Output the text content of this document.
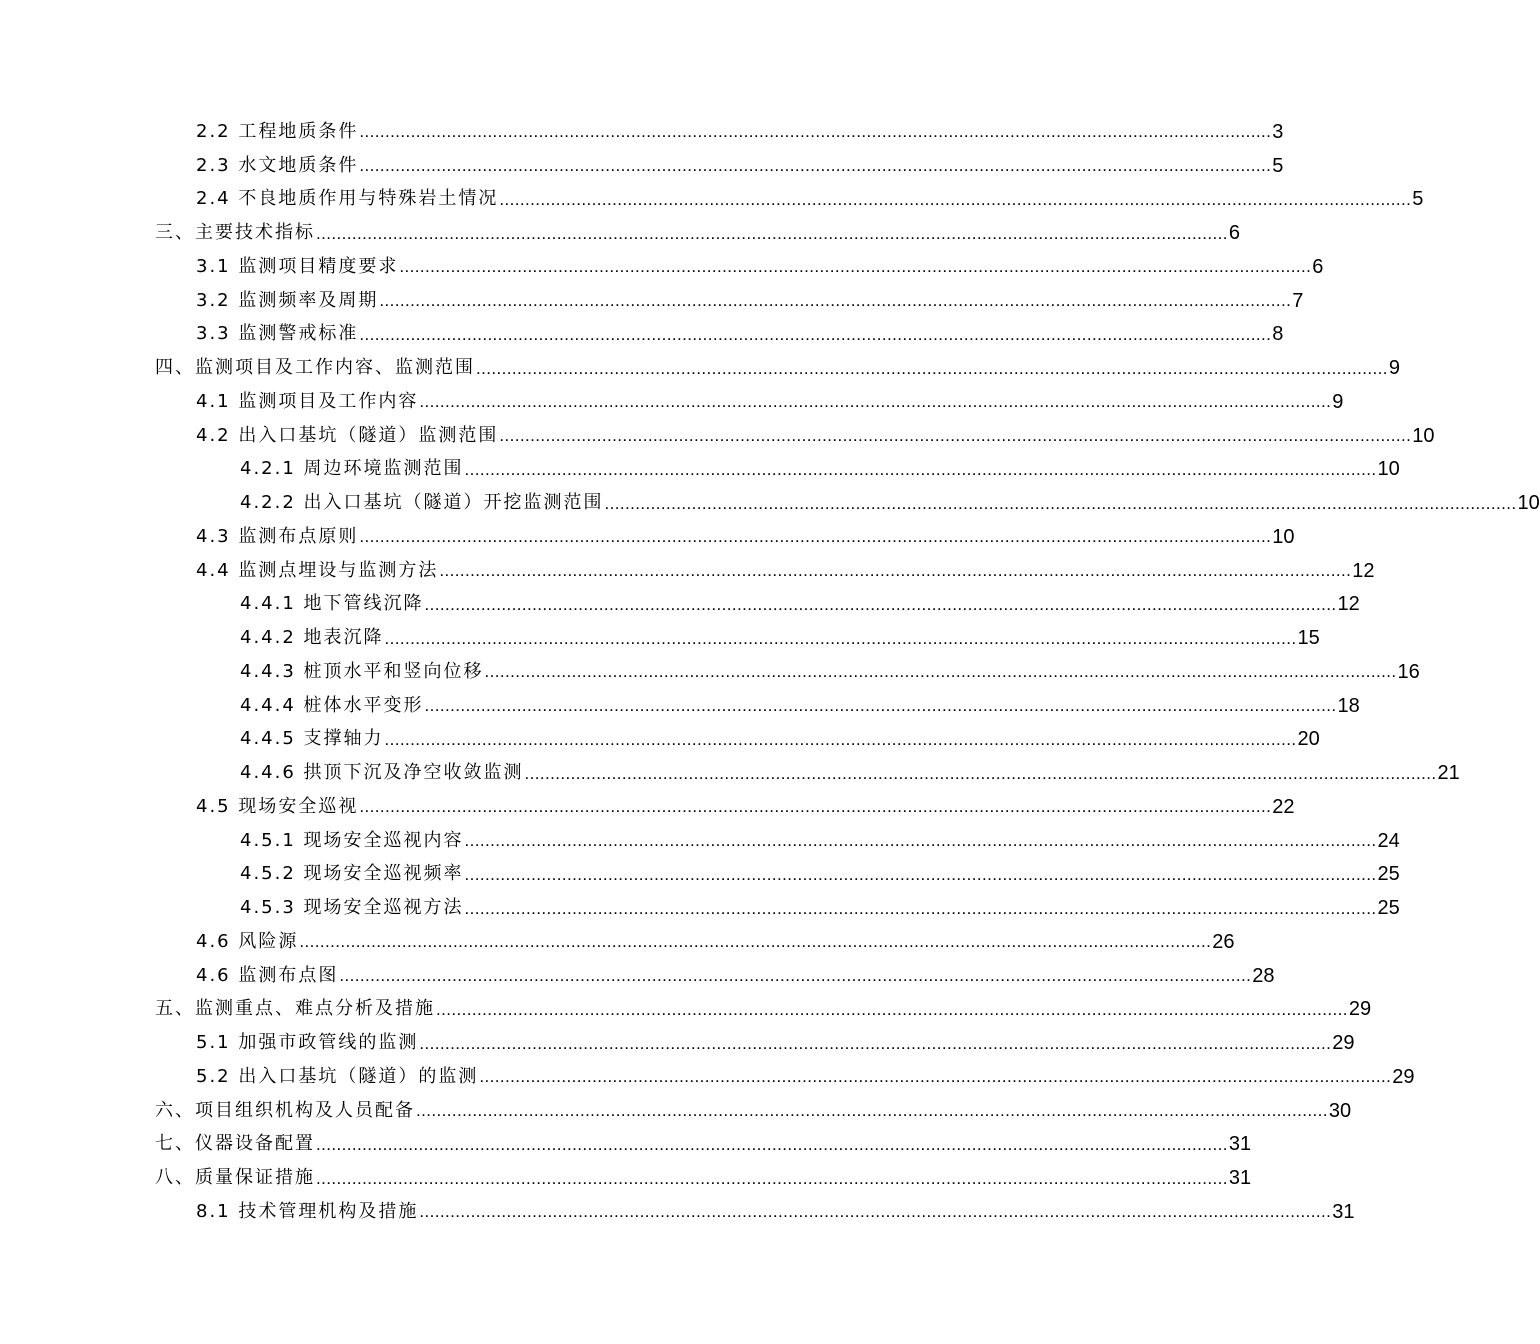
2.2 工程地质条件 .................................................................................................................................................................................. 3
2.3 水文地质条件 .................................................................................................................................................................................. 5
2.4 不良地质作用与特殊岩土情况 .................................................................................................................................................................................. 5
三、主要技术指标 .................................................................................................................................................................................. 6
3.1 监测项目精度要求 .................................................................................................................................................................................. 6
3.2 监测频率及周期 .................................................................................................................................................................................. 7
3.3 监测警戒标准 .................................................................................................................................................................................. 8
四、监测项目及工作内容、监测范围 .................................................................................................................................................................................. 9
4.1 监测项目及工作内容 .................................................................................................................................................................................. 9
4.2 出入口基坑（隧道）监测范围 .................................................................................................................................................................................. 10
4.2.1 周边环境监测范围 .................................................................................................................................................................................. 10
4.2.2 出入口基坑（隧道）开挖监测范围 .................................................................................................................................................................................. 10
4.3 监测布点原则 .................................................................................................................................................................................. 10
4.4 监测点埋设与监测方法 .................................................................................................................................................................................. 12
4.4.1 地下管线沉降 .................................................................................................................................................................................. 12
4.4.2 地表沉降 .................................................................................................................................................................................. 15
4.4.3 桩顶水平和竖向位移 .................................................................................................................................................................................. 16
4.4.4 桩体水平变形 .................................................................................................................................................................................. 18
4.4.5 支撑轴力 .................................................................................................................................................................................. 20
4.4.6 拱顶下沉及净空收敛监测 .................................................................................................................................................................................. 21
4.5 现场安全巡视 .................................................................................................................................................................................. 22
4.5.1 现场安全巡视内容 .................................................................................................................................................................................. 24
4.5.2 现场安全巡视频率 .................................................................................................................................................................................. 25
4.5.3 现场安全巡视方法 .................................................................................................................................................................................. 25
4.6 风险源 .................................................................................................................................................................................. 26
4.6 监测布点图 .................................................................................................................................................................................. 28
五、监测重点、难点分析及措施 .................................................................................................................................................................................. 29
5.1 加强市政管线的监测 .................................................................................................................................................................................. 29
5.2 出入口基坑（隧道）的监测 .................................................................................................................................................................................. 29
六、项目组织机构及人员配备 .................................................................................................................................................................................. 30
七、仪器设备配置 .................................................................................................................................................................................. 31
八、质量保证措施 .................................................................................................................................................................................. 31
8.1 技术管理机构及措施 .................................................................................................................................................................................. 31
